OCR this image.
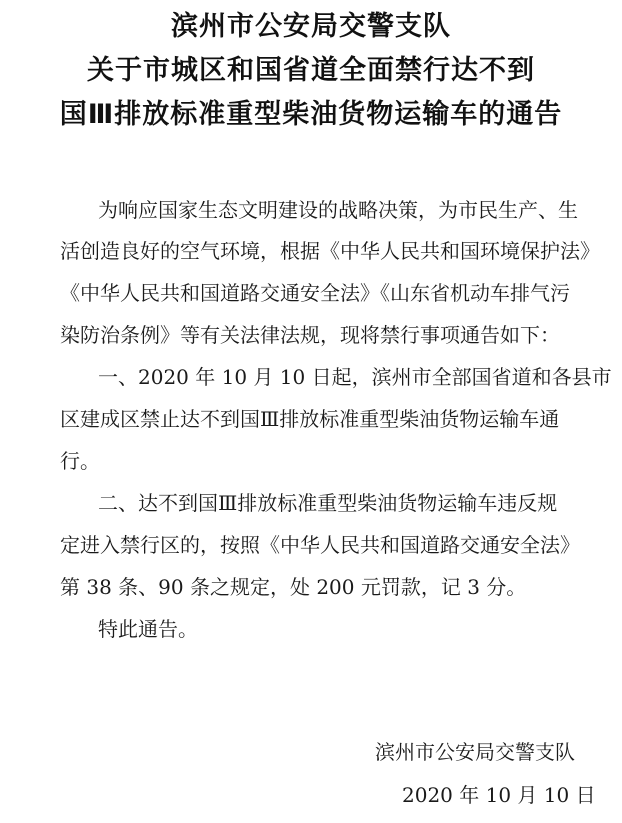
滨州市公安局交警支队
关于市城区和国省道全面禁行达不到
国Ⅲ排放标准重型柴油货物运输车的通告
为响应国家生态文明建设的战略决策，为市民生产、生
活创造良好的空气环境，根据《中华人民共和国环境保护法》
《中华人民共和国道路交通安全法》《山东省机动车排气污
染防治条例》等有关法律法规，现将禁行事项通告如下：
一、2020 年 10 月 10 日起，滨州市全部国省道和各县市
区建成区禁止达不到国Ⅲ排放标准重型柴油货物运输车通
行。
二、达不到国Ⅲ排放标准重型柴油货物运输车违反规
定进入禁行区的，按照《中华人民共和国道路交通安全法》
第 38 条、90 条之规定，处 200 元罚款，记 3 分。
特此通告。
滨州市公安局交警支队
2020 年 10 月 10 日
